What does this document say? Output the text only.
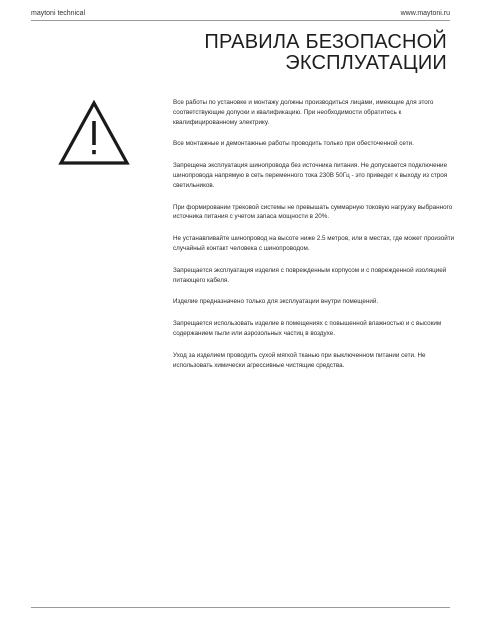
maytoni technical	www.maytoni.ru
ПРАВИЛА БЕЗОПАСНОЙ
ЭКСПЛУАТАЦИИ

Все работы по установке и монтажу должны производиться лицами, имеющие для этого соответствующие допуски и квалификацию. При необходимости обратитесь к квалифицированному электрику.

Все монтажные и демонтажные работы проводить только при обесточенной сети.

Запрещена эксплуатация шинопровода без источника питания. Не допускается подключение шинопровода напрямую в сеть переменного тока 230В 50Гц - это приведет к выходу из строя светильников.

При формировании трековой системы не превышать суммарную токовую нагрузку выбранного источника питания с учетом запаса мощности в 20%.

Не устанавливайте шинопровод на высоте ниже 2.5 метров, или в местах, где может произойти случайный контакт человека с шинопроводом.

Запрещается эксплуатация изделия с поврежденным корпусом и с поврежденной изоляцией питающего кабеля.

Изделие предназначено только для эксплуатации внутри помещений.

Запрещается использовать изделие в помещениях с повышенной влажностью и с высоким содержанием пыли или аэрозольных частиц в воздухе.

Уход за изделием проводить сухой мягкой тканью при выключенном питании сети. Не использовать химически агрессивные чистящие средства.
